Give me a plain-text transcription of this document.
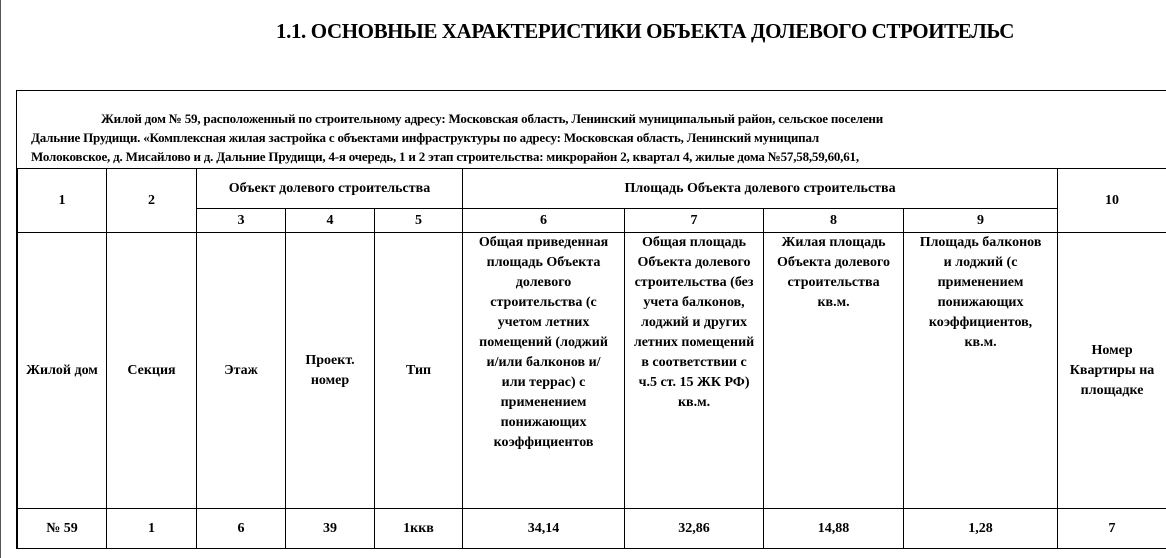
1.1. ОСНОВНЫЕ ХАРАКТЕРИСТИКИ ОБЪЕКТА ДОЛЕВОГО СТРОИТЕЛЬС
Жилой дом № 59, расположенный по строительному адресу: Московская область, Ленинский муниципальный район, сельское поселени
Дальние Прудищи. «Комплексная жилая застройка с объектами инфраструктуры по адресу: Московская область, Ленинский муниципал
Молоковское, д. Мисайлово и д. Дальние Прудищи, 4-я очередь, 1 и 2 этап строительства: микрорайон 2, квартал 4, жилые дома №57,58,59,60,61,
1	2	Объект долевого строительства			Площадь Объекта долевого строительства				10
		3	4	5	6	7	8	9	
Жилой дом	Секция	Этаж	Проект. номер	Тип	Общая приведенная площадь Объекта долевого строительства (с учетом летних помещений (лоджий и/или балконов и/или террас) с применением понижающих коэффициентов	Общая площадь Объекта долевого строительства (без учета балконов, лоджий и других летних помещений в соответствии с ч.5 ст. 15 ЖК РФ) кв.м.	Жилая площадь Объекта долевого строительства кв.м.	Площадь балконов и лоджий (с применением понижающих коэффициентов, кв.м.	Номер Квартиры на площадке
№ 59	1	6	39	1ккв	34,14	32,86	14,88	1,28	7
